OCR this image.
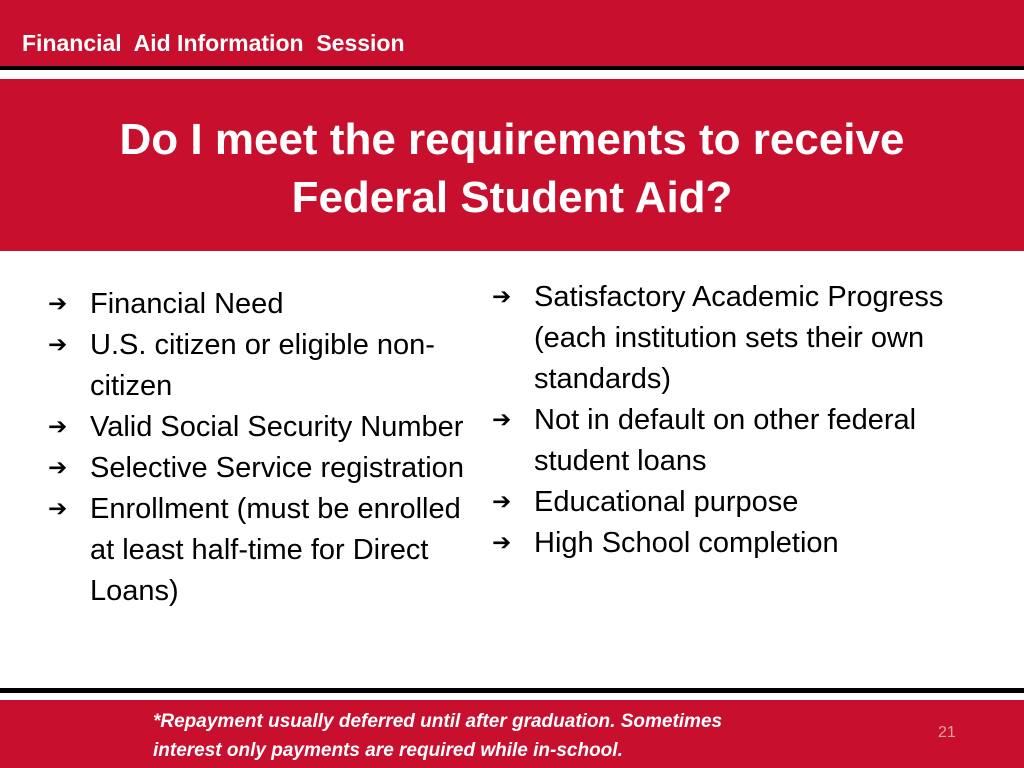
Financial  Aid Information  Session
Do I meet the requirements to receive
Federal Student Aid?
➔ Financial Need
➔ U.S. citizen or eligible non-citizen
➔ Valid Social Security Number
➔ Selective Service registration
➔ Enrollment (must be enrolled at least half-time for Direct Loans)
➔ Satisfactory Academic Progress (each institution sets their own standards)
➔ Not in default on other federal student loans
➔ Educational purpose
➔ High School completion
*Repayment usually deferred until after graduation. Sometimes
interest only payments are required while in-school.
21
